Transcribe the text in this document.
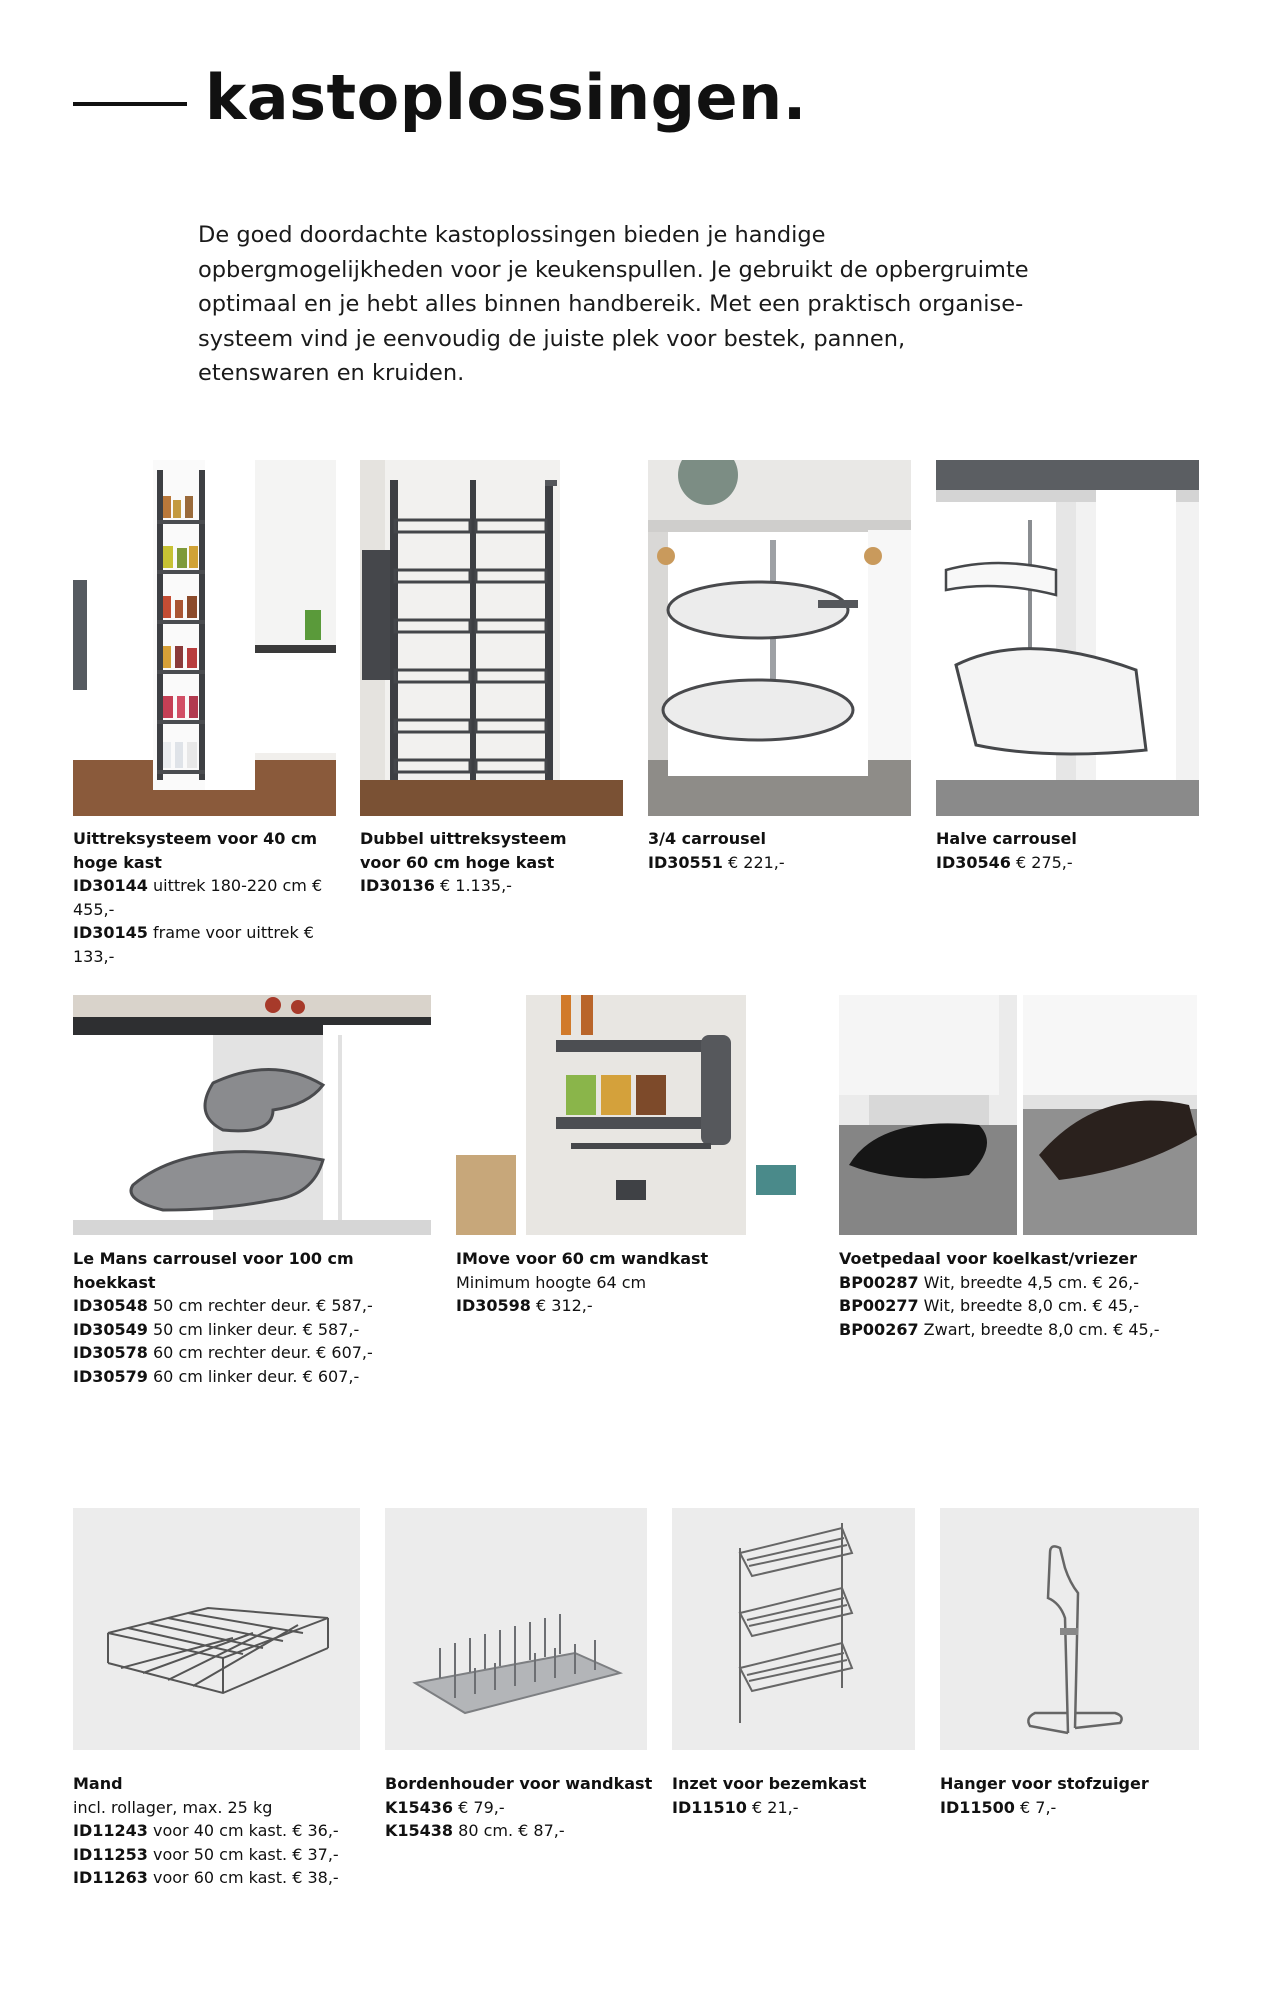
kastoplossingen.
De goed doordachte kastoplossingen bieden je handige opbergmogelijkheden voor je keukenspullen. Je gebruikt de opbergruimte optimaal en je hebt alles binnen handbereik. Met een praktisch organise-systeem vind je eenvoudig de juiste plek voor bestek, pannen, etenswaren en kruiden.
Uittreksysteem voor 40 cm hoge kast
ID30144 uittrek 180-220 cm € 455,-
ID30145 frame voor uittrek € 133,-
Dubbel uittreksysteem voor 60 cm hoge kast
ID30136 € 1.135,-
3/4 carrousel
ID30551 € 221,-
Halve carrousel
ID30546 € 275,-
Le Mans carrousel voor 100 cm hoekkast
ID30548 50 cm rechter deur. € 587,-
ID30549 50 cm linker deur. € 587,-
ID30578 60 cm rechter deur. € 607,-
ID30579 60 cm linker deur. € 607,-
IMove voor 60 cm wandkast
Minimum hoogte 64 cm
ID30598 € 312,-
Voetpedaal voor koelkast/vriezer
BP00287 Wit, breedte 4,5 cm. € 26,-
BP00277 Wit, breedte 8,0 cm. € 45,-
BP00267 Zwart, breedte 8,0 cm. € 45,-
Mand
incl. rollager, max. 25 kg
ID11243 voor 40 cm kast. € 36,-
ID11253 voor 50 cm kast. € 37,-
ID11263 voor 60 cm kast. € 38,-
Bordenhouder voor wandkast
K15436 € 79,-
K15438 80 cm. € 87,-
Inzet voor bezemkast
ID11510 € 21,-
Hanger voor stofzuiger
ID11500 € 7,-
